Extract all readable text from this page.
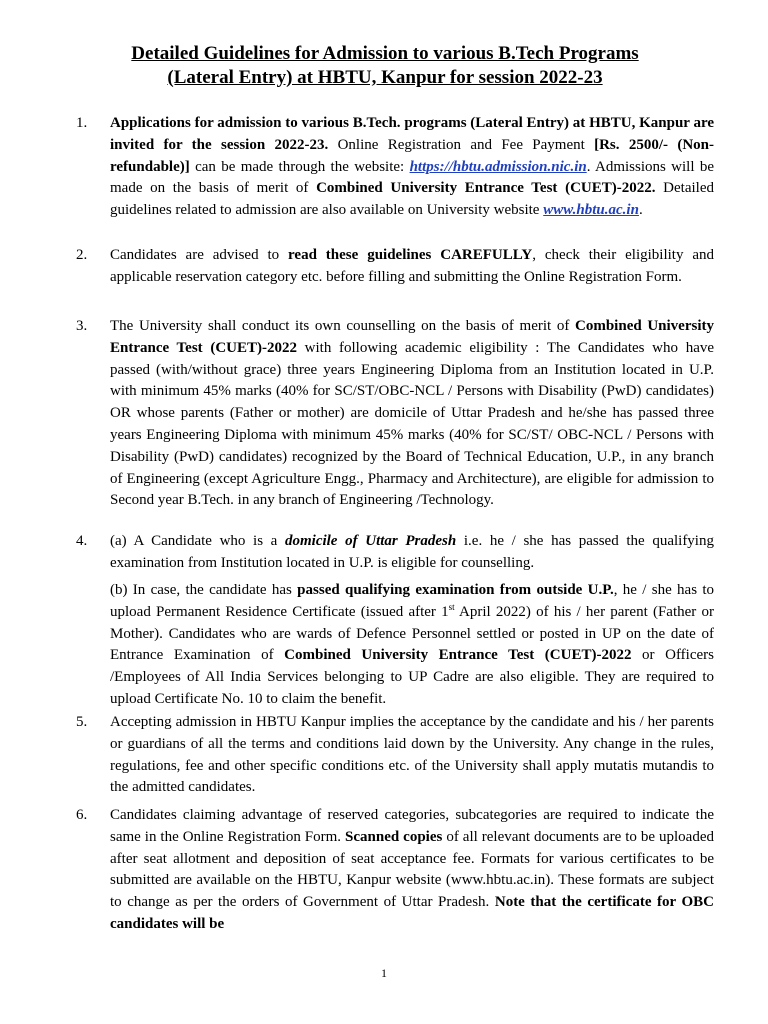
Detailed Guidelines for Admission to various B.Tech Programs
(Lateral Entry) at HBTU, Kanpur for session 2022-23
1. Applications for admission to various B.Tech. programs (Lateral Entry) at HBTU, Kanpur are invited for the session 2022-23. Online Registration and Fee Payment [Rs. 2500/- (Non-refundable)] can be made through the website: https://hbtu.admission.nic.in. Admissions will be made on the basis of merit of Combined University Entrance Test (CUET)-2022. Detailed guidelines related to admission are also available on University website www.hbtu.ac.in.
2. Candidates are advised to read these guidelines CAREFULLY, check their eligibility and applicable reservation category etc. before filling and submitting the Online Registration Form.
3. The University shall conduct its own counselling on the basis of merit of Combined University Entrance Test (CUET)-2022 with following academic eligibility : The Candidates who have passed (with/without grace) three years Engineering Diploma from an Institution located in U.P. with minimum 45% marks (40% for SC/ST/OBC-NCL / Persons with Disability (PwD) candidates) OR whose parents (Father or mother) are domicile of Uttar Pradesh and he/she has passed three years Engineering Diploma with minimum 45% marks (40% for SC/ST/ OBC-NCL / Persons with Disability (PwD) candidates) recognized by the Board of Technical Education, U.P., in any branch of Engineering (except Agriculture Engg., Pharmacy and Architecture), are eligible for admission to Second year B.Tech. in any branch of Engineering /Technology.
4. (a) A Candidate who is a domicile of Uttar Pradesh i.e. he / she has passed the qualifying examination from Institution located in U.P. is eligible for counselling.
(b) In case, the candidate has passed qualifying examination from outside U.P., he / she has to upload Permanent Residence Certificate (issued after 1st April 2022) of his / her parent (Father or Mother). Candidates who are wards of Defence Personnel settled or posted in UP on the date of Entrance Examination of Combined University Entrance Test (CUET)-2022 or Officers /Employees of All India Services belonging to UP Cadre are also eligible. They are required to upload Certificate No. 10 to claim the benefit.
5. Accepting admission in HBTU Kanpur implies the acceptance by the candidate and his / her parents or guardians of all the terms and conditions laid down by the University. Any change in the rules, regulations, fee and other specific conditions etc. of the University shall apply mutatis mutandis to the admitted candidates.
6. Candidates claiming advantage of reserved categories, subcategories are required to indicate the same in the Online Registration Form. Scanned copies of all relevant documents are to be uploaded after seat allotment and deposition of seat acceptance fee. Formats for various certificates to be submitted are available on the HBTU, Kanpur website (www.hbtu.ac.in). These formats are subject to change as per the orders of Government of Uttar Pradesh. Note that the certificate for OBC candidates will be
1
